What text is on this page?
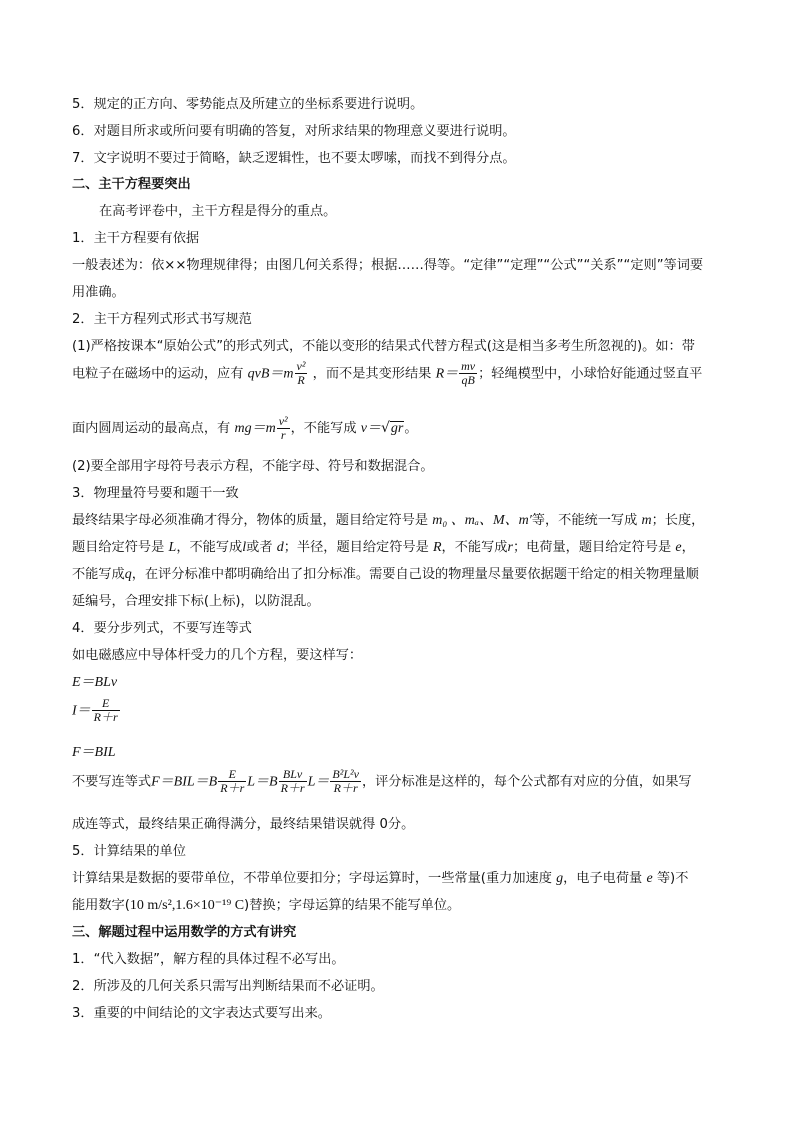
5．规定的正方向、零势能点及所建立的坐标系要进行说明。
6．对题目所求或所问要有明确的答复，对所求结果的物理意义要进行说明。
7．文字说明不要过于简略，缺乏逻辑性，也不要太啰嗦，而找不到得分点。
二、主干方程要突出
在高考评卷中，主干方程是得分的重点。
1．主干方程要有依据
一般表述为：依××物理规律得；由图几何关系得；根据……得等。“定律”“定理”“公式”“关系”“定则”等词要
用准确。
2．主干方程列式形式书写规范
(1)严格按课本“原始公式”的形式列式，不能以变形的结果式代替方程式(这是相当多考生所忽视的)。如：带
电粒子在磁场中的运动，应有 $qvB=m \frac{\text{v²}}{R}$ ，而不是其变形结果 $R= \frac{mv}{qB}$ ；轻绳模型中，小球恰好能通过竖直平
面内圆周运动的最高点，有 $mg=m \frac{\text{v²}}{r}$ ，不能写成 v＝√gr。
(2)要全部用字母符号表示方程，不能字母、符号和数据混合。
3．物理量符号要和题干一致
最终结果字母必须准确才得分，物体的质量，题目给定符号是 m₀ 、mₐ、M、m′等，不能统一写成 m；长度，
题目给定符号是 L，不能写成l或者 d；半径，题目给定符号是 R，不能写成r；电荷量，题目给定符号是 e，
不能写成q，在评分标准中都明确给出了扣分标准。需要自己设的物理量尽量要依据题干给定的相关物理量顺
延编号，合理安排下标(上标)，以防混乱。
4．要分步列式，不要写连等式
如电磁感应中导体杆受力的几个方程，要这样写：
E＝BLv
$I= \frac{E}{R+r}$
F＝BIL
不要写连等式$F=BIL=B \frac{E}{R+r} L=B \frac{\text{BLv}}{R+r} L= \frac{\text{B²L²v}}{R+r}$ ，评分标准是这样的，每个公式都有对应的分值，如果写
成连等式，最终结果正确得满分，最终结果错误就得 0分。
5．计算结果的单位
计算结果是数据的要带单位，不带单位要扣分；字母运算时，一些常量(重力加速度 g，电子电荷量 e 等)不
能用数字(10 m/s²,1.6×10⁻¹⁹ C)替换；字母运算的结果不能写单位。
三、解题过程中运用数学的方式有讲究
1．“代入数据”，解方程的具体过程不必写出。
2．所涉及的几何关系只需写出判断结果而不必证明。
3．重要的中间结论的文字表达式要写出来。
